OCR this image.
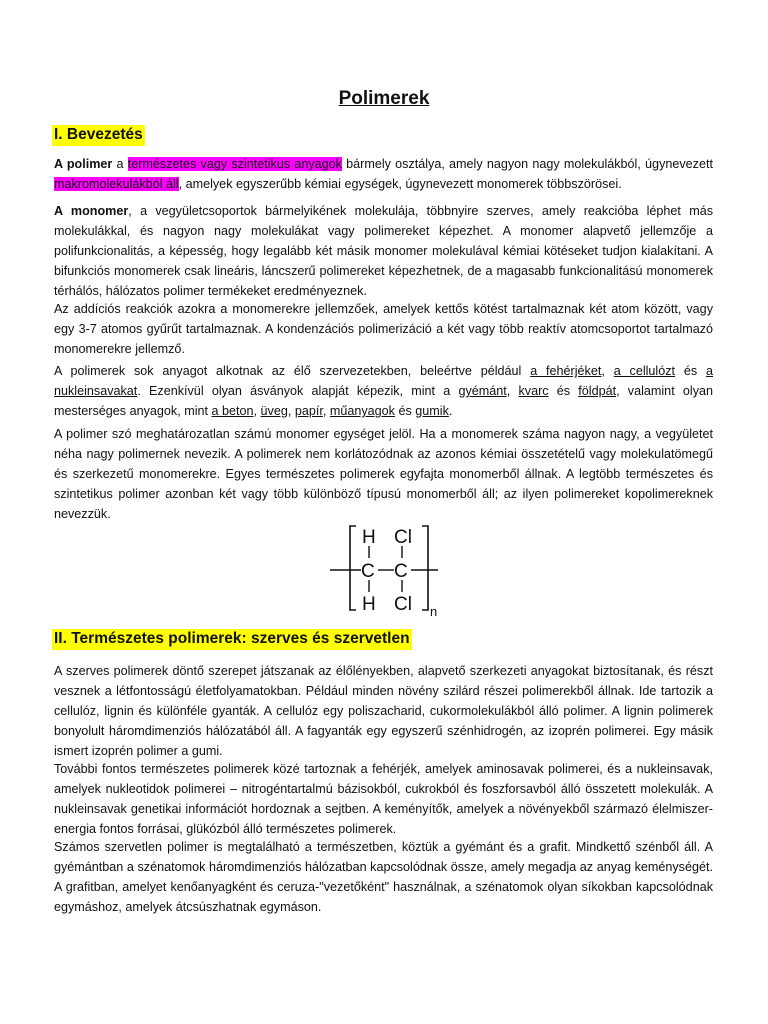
Polimerek
I. Bevezetés

A polimer a természetes vagy szintetikus anyagok bármely osztálya, amely nagyon nagy molekulákból, úgynevezett makromolekulákból áll, amelyek egyszerűbb kémiai egységek, úgynevezett monomerek többszörösei.

A monomer, a vegyületcsoportok bármelyikének molekulája, többnyire szerves, amely reakcióba léphet más molekulákkal, és nagyon nagy molekulákat vagy polimereket képezhet. A monomer alapvető jellemzője a polifunkcionalitás, a képesség, hogy legalább két másik monomer molekulával kémiai kötéseket tudjon kialakítani. A bifunkciós monomerek csak lineáris, láncszerű polimereket képezhetnek, de a magasabb funkcionalitású monomerek térhálós, hálózatos polimer termékeket eredményeznek.

Az addíciós reakciók azokra a monomerekre jellemzőek, amelyek kettős kötést tartalmaznak két atom között, vagy egy 3-7 atomos gyűrűt tartalmaznak. A kondenzációs polimerizáció a két vagy több reaktív atomcsoportot tartalmazó monomerekre jellemző.

A polimerek sok anyagot alkotnak az élő szervezetekben, beleértve például a fehérjéket, a cellulózt és a nukleinsavakat. Ezenkívül olyan ásványok alapját képezik, mint a gyémánt, kvarc és földpát, valamint olyan mesterséges anyagok, mint a beton, üveg, papír, műanyagok és gumik.

A polimer szó meghatározatlan számú monomer egységet jelöl. Ha a monomerek száma nagyon nagy, a vegyületet néha nagy polimernek nevezik. A polimerek nem korlátozódnak az azonos kémiai összetételű vagy molekulatömegű és szerkezetű monomerekre. Egyes természetes polimerek egyfajta monomerből állnak. A legtöbb természetes és szintetikus polimer azonban két vagy több különböző típusú monomerből áll; az ilyen polimereket kopolimereknek nevezzük.

H Cl
C C
H Cl n
II. Természetes polimerek: szerves és szervetlen

A szerves polimerek döntő szerepet játszanak az élőlényekben, alapvető szerkezeti anyagokat biztosítanak, és részt vesznek a létfontosságú életfolyamatokban. Például minden növény szilárd részei polimerekből állnak. Ide tartozik a cellulóz, lignin és különféle gyanták. A cellulóz egy poliszacharid, cukormolekulákból álló polimer. A lignin polimerek bonyolult háromdimenziós hálózatából áll. A fagyanták egy egyszerű szénhidrogén, az izoprén polimerei. Egy másik ismert izoprén polimer a gumi.

További fontos természetes polimerek közé tartoznak a fehérjék, amelyek aminosavak polimerei, és a nukleinsavak, amelyek nukleotidok polimerei – nitrogéntartalmú bázisokból, cukrokból és foszforsavból álló összetett molekulák. A nukleinsavak genetikai információt hordoznak a sejtben. A keményítők, amelyek a növényekből származó élelmiszer-energia fontos forrásai, glükózból álló természetes polimerek.

Számos szervetlen polimer is megtalálható a természetben, köztük a gyémánt és a grafit. Mindkettő szénből áll. A gyémántban a szénatomok háromdimenziós hálózatban kapcsolódnak össze, amely megadja az anyag keménységét. A grafitban, amelyet kenőanyagként és ceruza-"vezetőként" használnak, a szénatomok olyan síkokban kapcsolódnak egymáshoz, amelyek átcsúszhatnak egymáson.
